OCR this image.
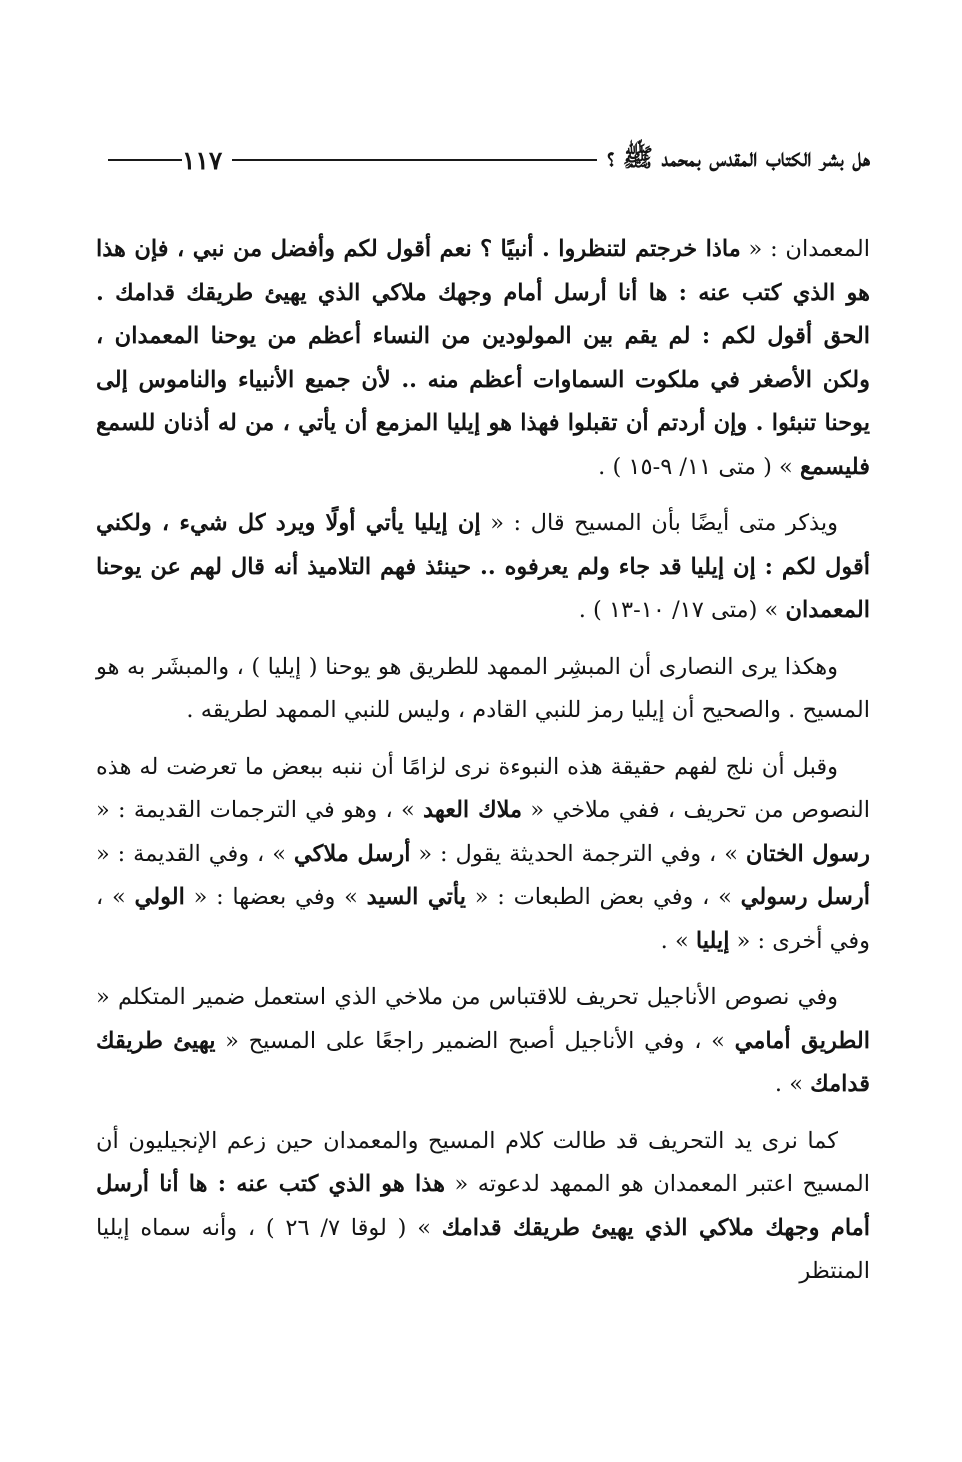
هل بشر الكتاب المقدس بمحمد ﷺ ؟
١١٧

المعمدان : « ماذا خرجتم لتنظروا . أنبيًا ؟ نعم أقول لكم وأفضل من نبي ، فإن هذا هو الذي كتب عنه : ها أنا أرسل أمام وجهك ملاكي الذي يهيئ طريقك قدامك . الحق أقول لكم : لم يقم بين المولودين من النساء أعظم من يوحنا المعمدان ، ولكن الأصغر في ملكوت السماوات أعظم منه .. لأن جميع الأنبياء والناموس إلى يوحنا تنبئوا . وإن أردتم أن تقبلوا فهذا هو إيليا المزمع أن يأتي ، من له أذنان للسمع فليسمع » ( متى ١١/ ٩-١٥ ) .

ويذكر متى أيضًا بأن المسيح قال : « إن إيليا يأتي أولًا ويرد كل شيء ، ولكني أقول لكم : إن إيليا قد جاء ولم يعرفوه .. حينئذ فهم التلاميذ أنه قال لهم عن يوحنا المعمدان » (متى ١٧/ ١٠-١٣ ) .

وهكذا يرى النصارى أن المبشِر الممهد للطريق هو يوحنا ( إيليا ) ، والمبشَر به هو المسيح . والصحيح أن إيليا رمز للنبي القادم ، وليس للنبي الممهد لطريقه .

وقبل أن نلج لفهم حقيقة هذه النبوءة نرى لزامًا أن ننبه ببعض ما تعرضت له هذه النصوص من تحريف ، ففي ملاخي « ملاك العهد » ، وهو في الترجمات القديمة : « رسول الختان » ، وفي الترجمة الحديثة يقول : « أرسل ملاكي » ، وفي القديمة : « أرسل رسولي » ، وفي بعض الطبعات : « يأتي السيد » وفي بعضها : « الولي » ، وفي أخرى : « إيليا » .

وفي نصوص الأناجيل تحريف للاقتباس من ملاخي الذي استعمل ضمير المتكلم « الطريق أمامي » ، وفي الأناجيل أصبح الضمير راجعًا على المسيح « يهيئ طريقك قدامك » .

كما نرى يد التحريف قد طالت كلام المسيح والمعمدان حين زعم الإنجيليون أن المسيح اعتبر المعمدان هو الممهد لدعوته « هذا هو الذي كتب عنه : ها أنا أرسل أمام وجهك ملاكي الذي يهيئ طريقك قدامك » ( لوقا ٧/ ٢٦ ) ، وأنه سماه إيليا المنتظر
